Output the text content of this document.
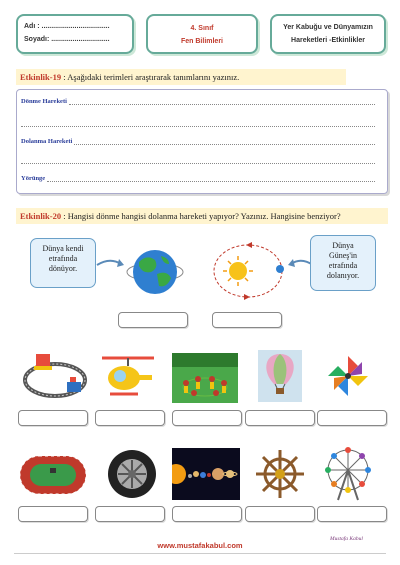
Adı : ...................................
Soyadı: ..............................
4. Sınıf
Fen Bilimleri
Yer Kabuğu ve Dünyamızın
Hareketleri -Etkinlikler
Etkinlik-19 : Aşağıdaki terimleri araştırarak tanımlarını yazınız.
Dönme Hareketi
Dolanma Hareketi
Yörünge
Etkinlik-20 : Hangisi dönme hangisi dolanma hareketi yapıyor? Yazınız. Hangisine benziyor?
Dünya kendi
etrafında
dönüyor.
Dünya
Güneş'in
etrafında
dolanıyor.
www.mustafakabul.com
Mustafa Kabul
